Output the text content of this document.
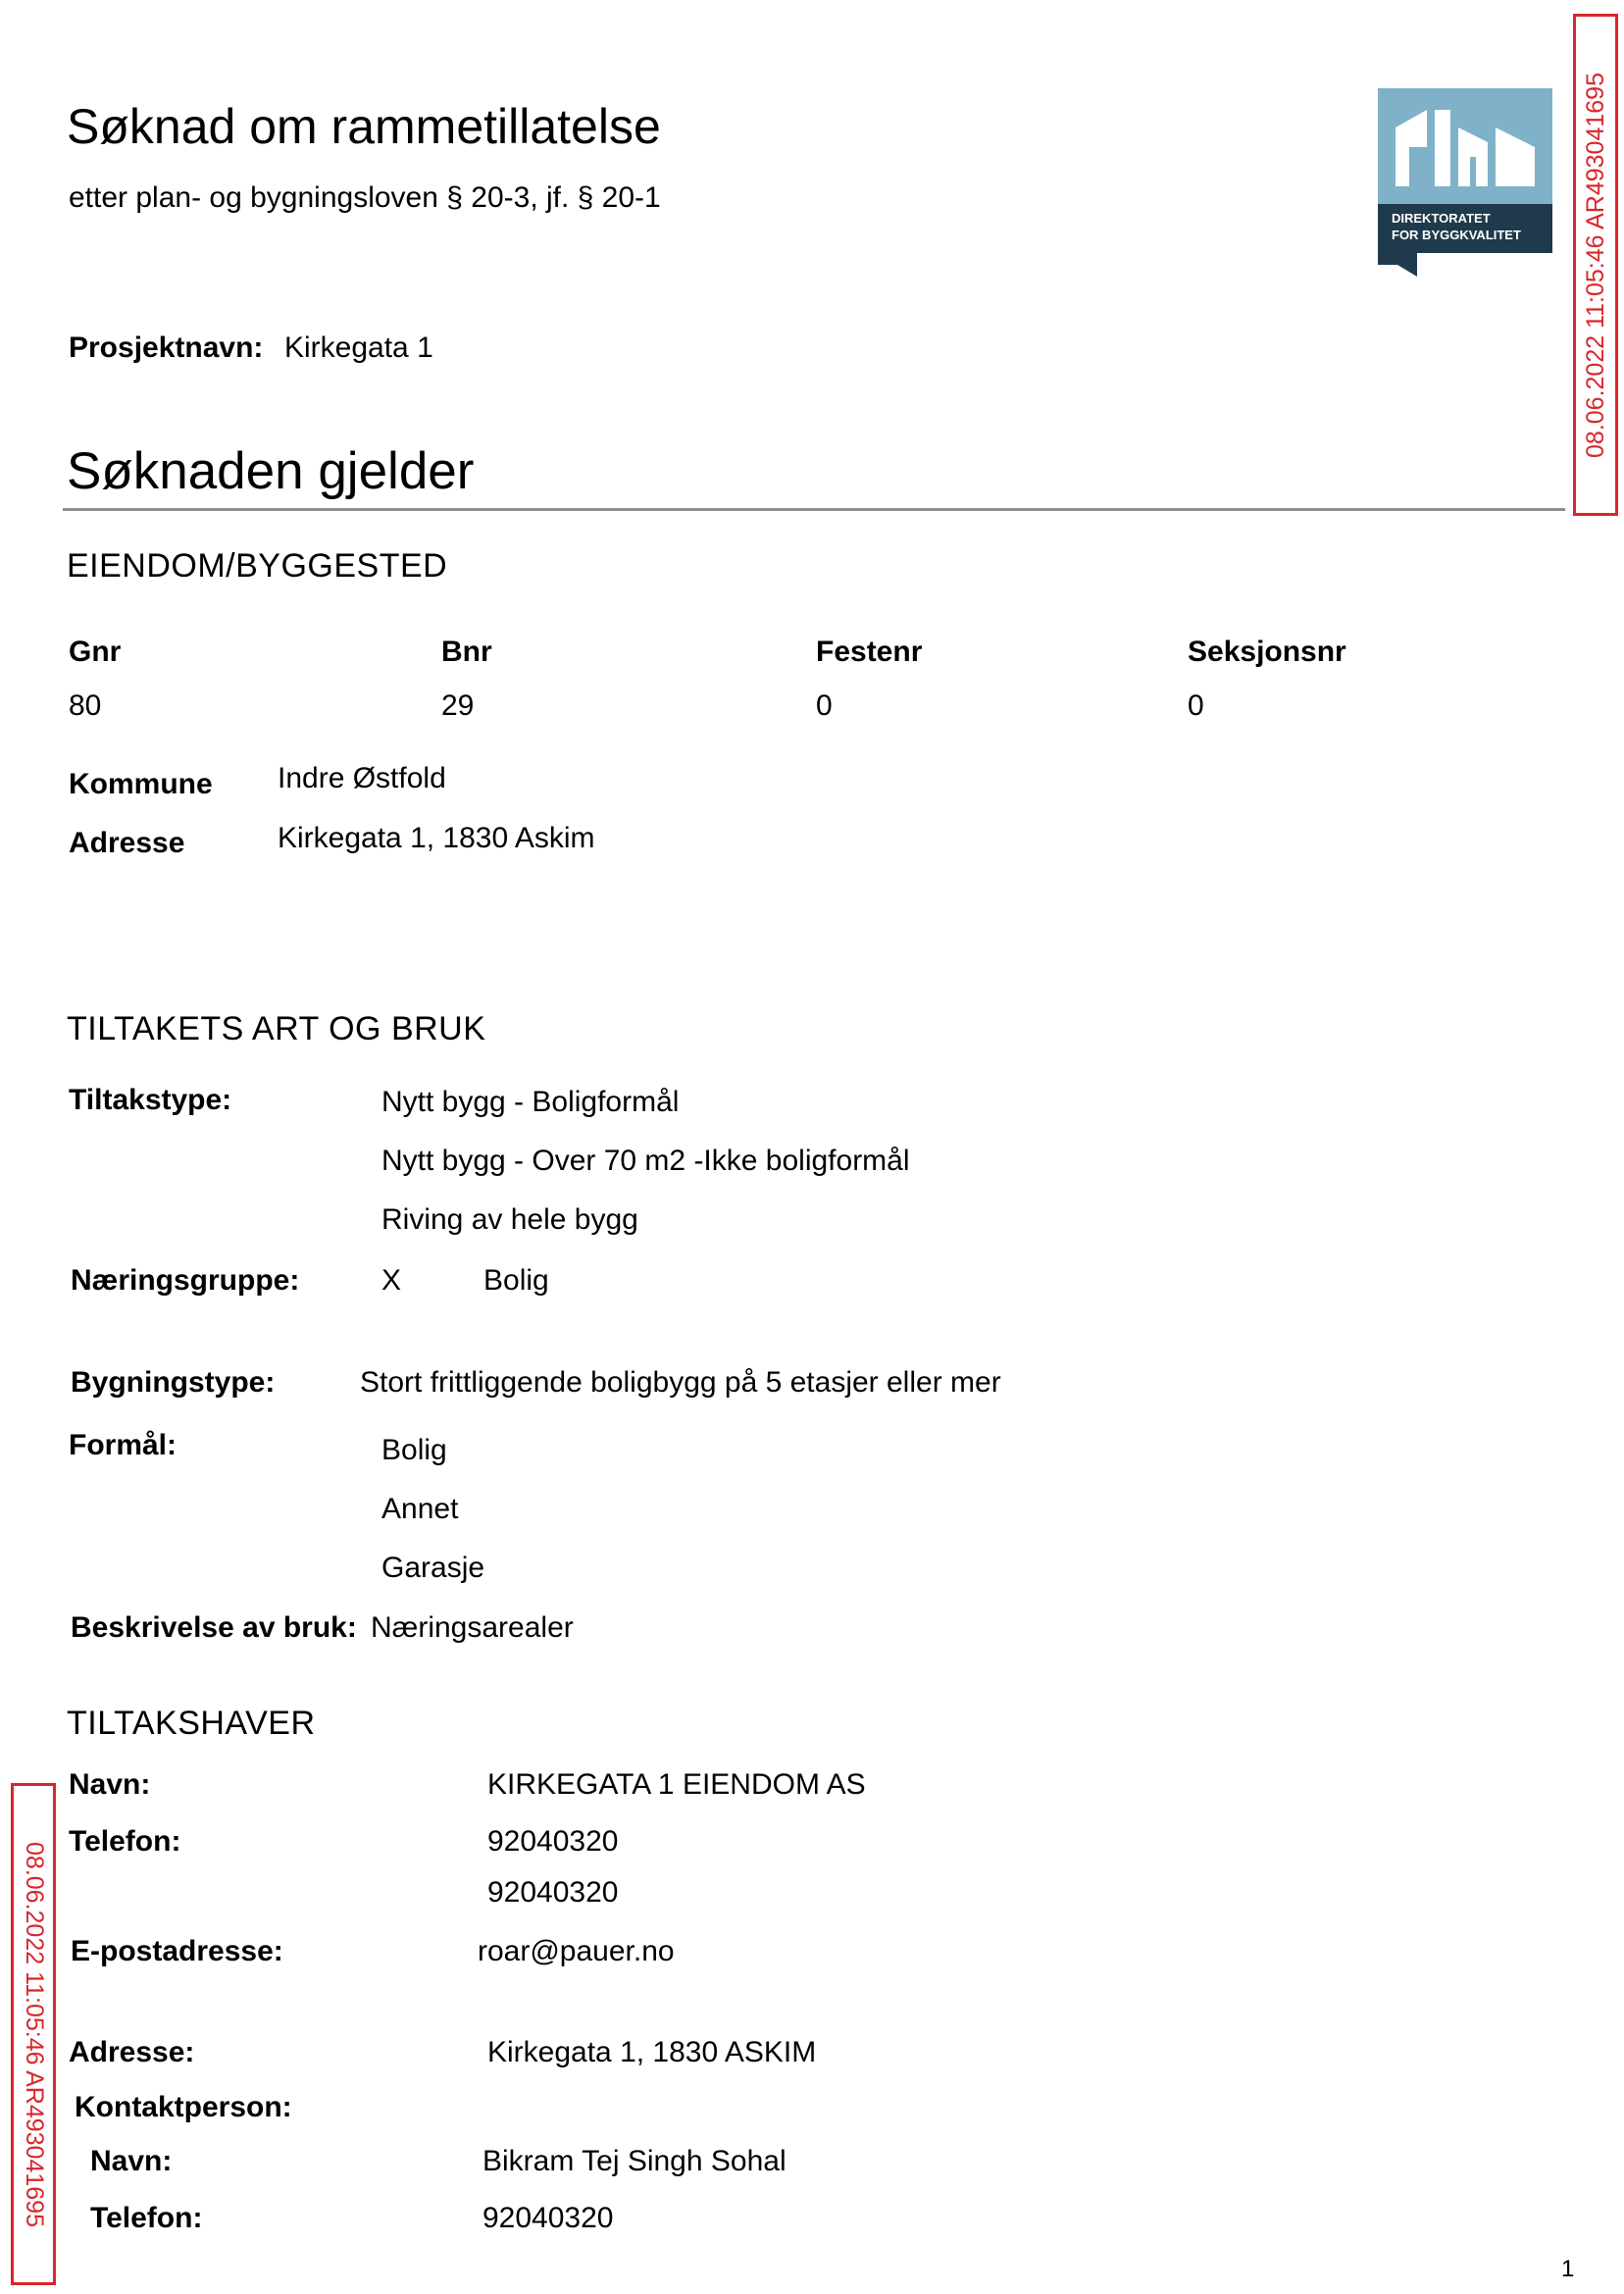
Søknad om rammetillatelse
etter plan- og bygningsloven § 20-3, jf. § 20-1
DIREKTORATET
FOR BYGGKVALITET
Prosjektnavn: Kirkegata 1
Søknaden gjelder
EIENDOM/BYGGESTED
Gnr	Bnr	Festenr	Seksjonsnr
80	29	0	0
Kommune Indre Østfold
Adresse	Kirkegata 1, 1830 Askim
TILTAKETS ART OG BRUK
Tiltakstype:	Nytt bygg - Boligformål
Nytt bygg - Over 70 m2 -Ikke boligformål
Riving av hele bygg
Næringsgruppe:	X	Bolig
Bygningstype:	Stort frittliggende boligbygg på 5 etasjer eller mer
Formål:	Bolig
Annet
Garasje
Beskrivelse av bruk: Næringsarealer
TILTAKSHAVER
Navn:	KIRKEGATA 1 EIENDOM AS
Telefon:	92040320
92040320
E-postadresse:	roar@pauer.no
Adresse:	Kirkegata 1, 1830 ASKIM
Kontaktperson:
Navn:	Bikram Tej Singh Sohal
Telefon:	92040320
08.06.2022 11:05:46 AR493041695
08.06.2022 11:05:46 AR493041695
1
